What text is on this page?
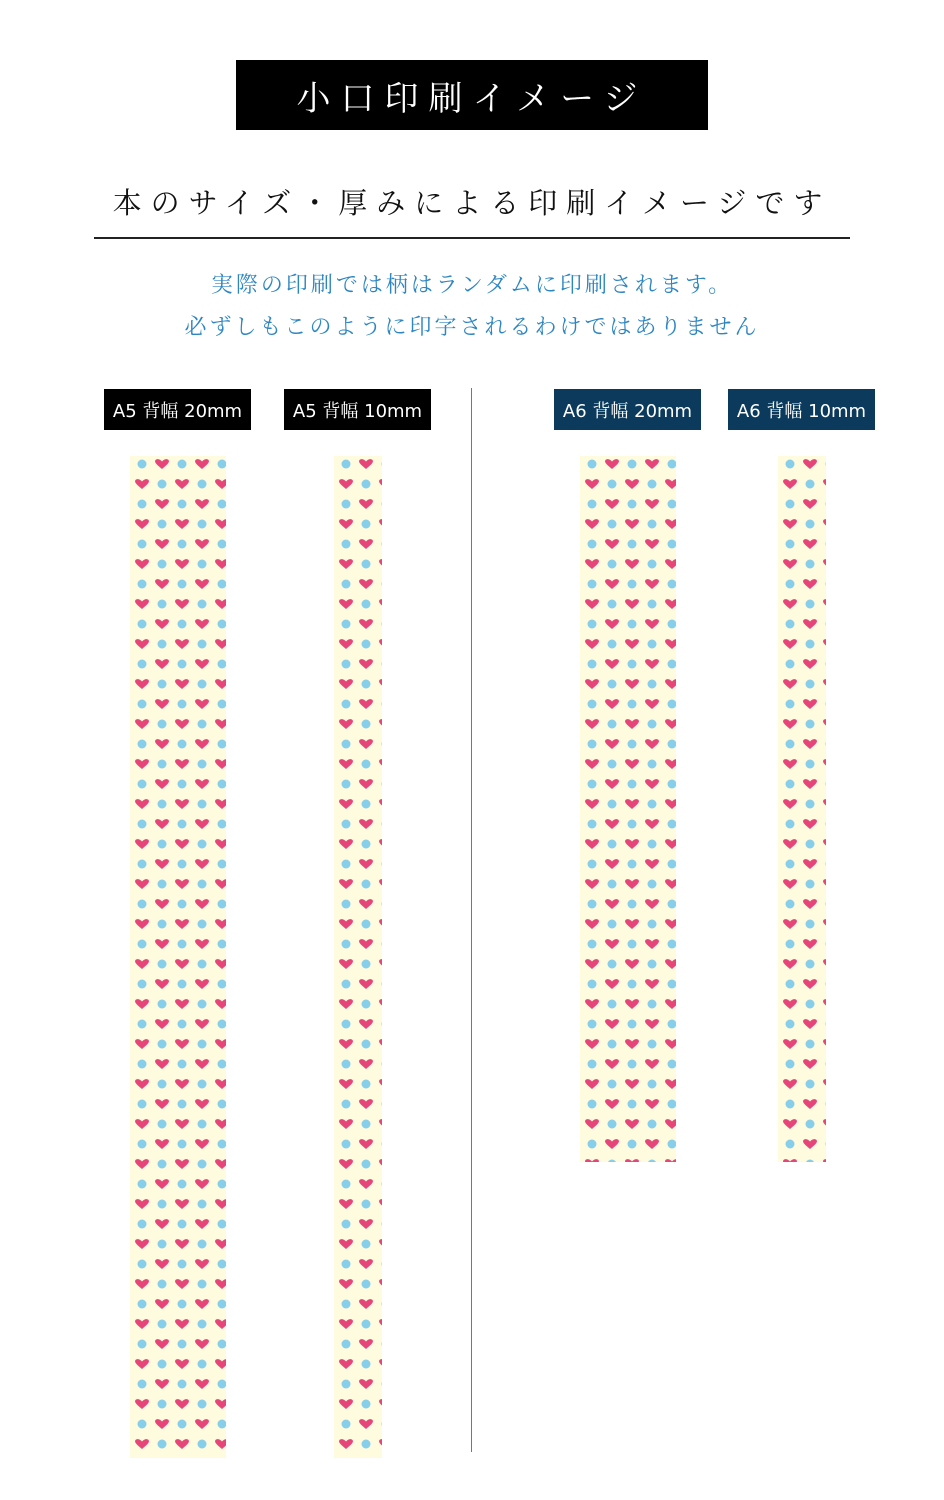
小口印刷イメージ
本のサイズ・厚みによる印刷イメージです
実際の印刷では柄はランダムに印刷されます。
必ずしもこのように印字されるわけではありません
A5 背幅 20mm	A5 背幅 10mm	A6 背幅 20mm	A6 背幅 10mm
